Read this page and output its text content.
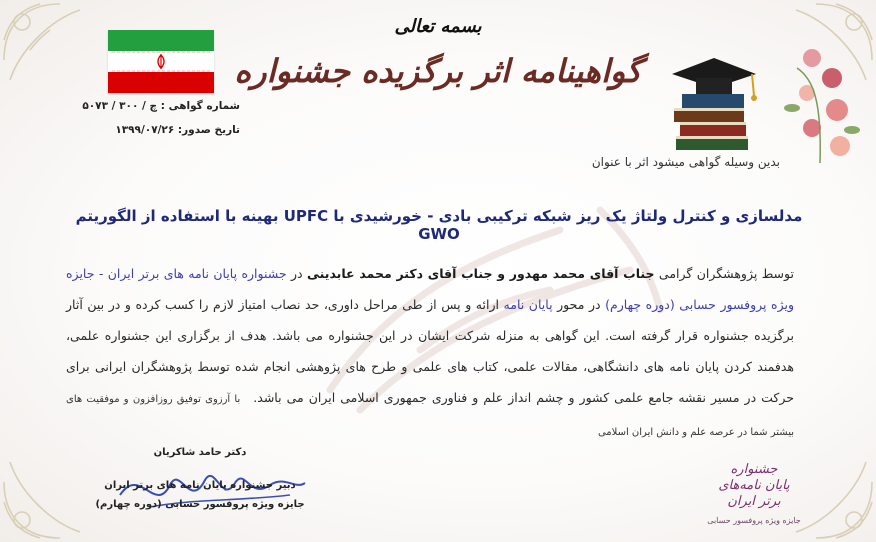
بسمه تعالی
گواهینامه اثر برگزیده جشنواره
شماره گواهی : چ / ۳۰۰ / ۵۰۷۳
تاریخ صدور: ۱۳۹۹/۰۷/۲۶
بدین وسیله گواهی میشود اثر با عنوان
مدلسازی و کنترل ولتاژ یک ریز شبکه ترکیبی بادی - خورشیدی با UPFC بهینه با استفاده از الگوریتم GWO
توسط پژوهشگران گرامی جناب آقای محمد مهدور و جناب آقای دکتر محمد عابدینی در جشنواره پایان نامه های برتر ایران - جایزه ویژه پروفسور حسابی (دوره چهارم) در محور پایان نامه ارائه و پس از طی مراحل داوری، حد نصاب امتیاز لازم را کسب کرده و در بین آثار برگزیده جشنواره قرار گرفته است. این گواهی به منزله شرکت ایشان در این جشنواره می باشد. هدف از برگزاری این جشنواره علمی، هدفمند کردن پایان نامه های دانشگاهی، مقالات علمی، کتاب های علمی و طرح های پژوهشی انجام شده توسط پژوهشگران ایرانی برای حرکت در مسیر نقشه جامع علمی کشور و چشم انداز علم و فناوری جمهوری اسلامی ایران می باشد. با آرزوی توفیق روزافزون و موفقیت های بیشتر شما در عرصه علم و دانش ایران اسلامی
دکتر حامد شاکریان
دبیر جشنواره پایان نامه های برتر ایران
جایزه ویژه پروفسور حسابی (دوره چهارم)
جشنواره
پایان نامه‌های
برتر ایران
جایزه ویژه پروفسور حسابی
